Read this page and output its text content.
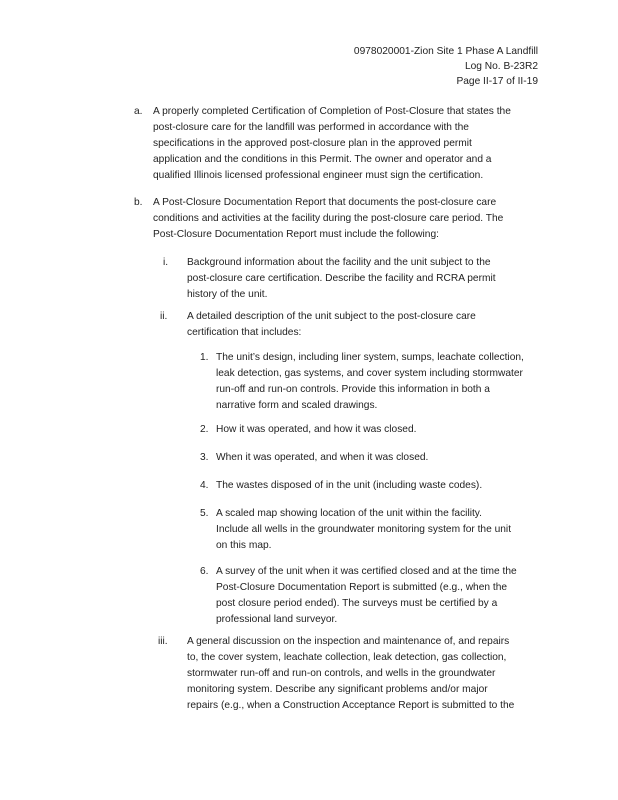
0978020001-Zion Site 1 Phase A Landfill
Log No. B-23R2
Page II-17 of II-19
a. A properly completed Certification of Completion of Post-Closure that states the
post-closure care for the landfill was performed in accordance with the
specifications in the approved post-closure plan in the approved permit
application and the conditions in this Permit. The owner and operator and a
qualified Illinois licensed professional engineer must sign the certification.
b. A Post-Closure Documentation Report that documents the post-closure care
conditions and activities at the facility during the post-closure care period. The
Post-Closure Documentation Report must include the following:
i. Background information about the facility and the unit subject to the
post-closure care certification. Describe the facility and RCRA permit
history of the unit.
ii. A detailed description of the unit subject to the post-closure care
certification that includes:
1. The unit’s design, including liner system, sumps, leachate collection,
leak detection, gas systems, and cover system including stormwater
run-off and run-on controls. Provide this information in both a
narrative form and scaled drawings.
2. How it was operated, and how it was closed.
3. When it was operated, and when it was closed.
4. The wastes disposed of in the unit (including waste codes).
5. A scaled map showing location of the unit within the facility.
Include all wells in the groundwater monitoring system for the unit
on this map.
6. A survey of the unit when it was certified closed and at the time the
Post-Closure Documentation Report is submitted (e.g., when the
post closure period ended). The surveys must be certified by a
professional land surveyor.
iii. A general discussion on the inspection and maintenance of, and repairs
to, the cover system, leachate collection, leak detection, gas collection,
stormwater run-off and run-on controls, and wells in the groundwater
monitoring system. Describe any significant problems and/or major
repairs (e.g., when a Construction Acceptance Report is submitted to the
